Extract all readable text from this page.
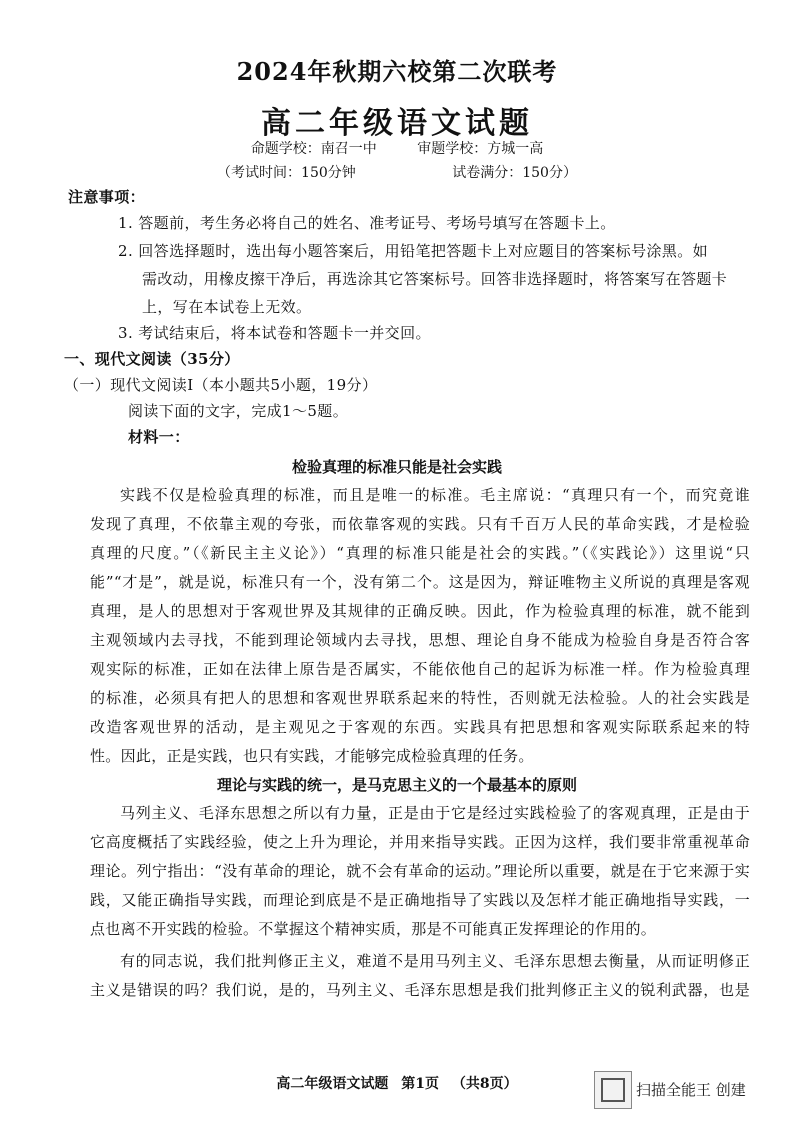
2024年秋期六校第二次联考
高二年级语文试题
命题学校：南召一中	审题学校：方城一高
（考试时间：150分钟	试卷满分：150分）
注意事项：
1. 答题前，考生务必将自己的姓名、准考证号、考场号填写在答题卡上。
2. 回答选择题时，选出每小题答案后，用铅笔把答题卡上对应题目的答案标号涂黑。如
需改动，用橡皮擦干净后，再选涂其它答案标号。回答非选择题时，将答案写在答题卡
上，写在本试卷上无效。
3. 考试结束后，将本试卷和答题卡一并交回。
一、现代文阅读（35分）
（一）现代文阅读Ⅰ（本小题共5小题，19分）
阅读下面的文字，完成1～5题。
材料一：
检验真理的标准只能是社会实践
实践不仅是检验真理的标准，而且是唯一的标准。毛主席说：“真理只有一个，而究竟谁
发现了真理，不依靠主观的夸张，而依靠客观的实践。只有千百万人民的革命实践，才是检验
真理的尺度。”（《新民主主义论》）“真理的标准只能是社会的实践。”（《实践论》）这里说“只
能”“才是”，就是说，标准只有一个，没有第二个。这是因为，辩证唯物主义所说的真理是客观
真理，是人的思想对于客观世界及其规律的正确反映。因此，作为检验真理的标准，就不能到
主观领域内去寻找，不能到理论领域内去寻找，思想、理论自身不能成为检验自身是否符合客
观实际的标准，正如在法律上原告是否属实，不能依他自己的起诉为标准一样。作为检验真理
的标准，必须具有把人的思想和客观世界联系起来的特性，否则就无法检验。人的社会实践是
改造客观世界的活动，是主观见之于客观的东西。实践具有把思想和客观实际联系起来的特
性。因此，正是实践，也只有实践，才能够完成检验真理的任务。
理论与实践的统一，是马克思主义的一个最基本的原则
马列主义、毛泽东思想之所以有力量，正是由于它是经过实践检验了的客观真理，正是由于
它高度概括了实践经验，使之上升为理论，并用来指导实践。正因为这样，我们要非常重视革命
理论。列宁指出：“没有革命的理论，就不会有革命的运动。”理论所以重要，就是在于它来源于实
践，又能正确指导实践，而理论到底是不是正确地指导了实践以及怎样才能正确地指导实践，一
点也离不开实践的检验。不掌握这个精神实质，那是不可能真正发挥理论的作用的。
有的同志说，我们批判修正主义，难道不是用马列主义、毛泽东思想去衡量，从而证明修正
主义是错误的吗？我们说，是的，马列主义、毛泽东思想是我们批判修正主义的锐利武器，也是
高二年级语文试题 第1页 （共8页）	扫描全能王 创建
